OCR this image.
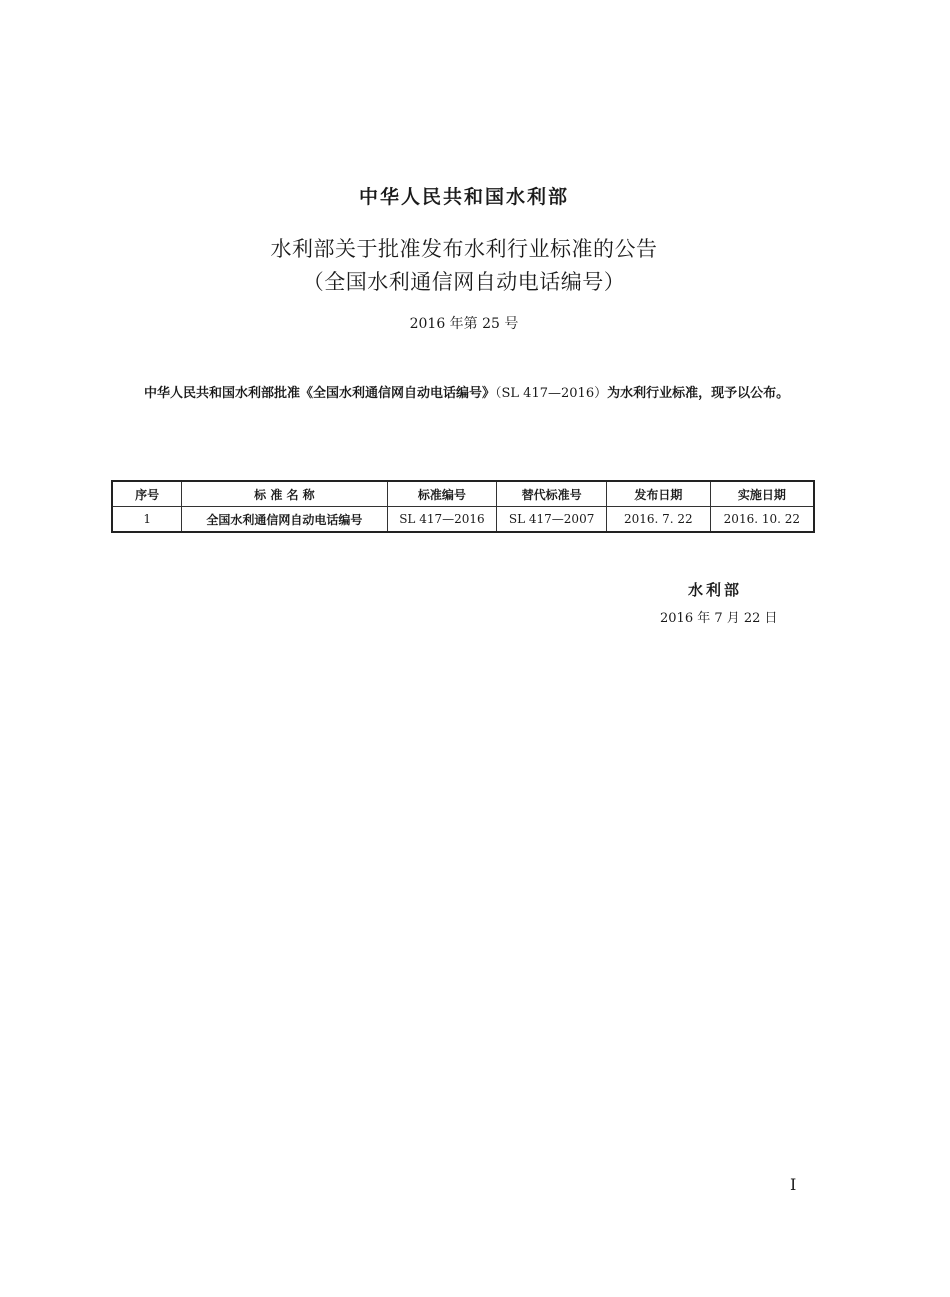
中华人民共和国水利部
水利部关于批准发布水利行业标准的公告
（全国水利通信网自动电话编号）
2016 年第 25 号
中华人民共和国水利部批准《全国水利通信网自动电话编号》（SL 417—2016）为水利行业标准，现予以公布。
序号	标 准 名 称	标准编号	替代标准号	发布日期	实施日期
1	全国水利通信网自动电话编号	SL 417—2016	SL 417—2007	2016. 7. 22	2016. 10. 22
水利部
2016 年 7 月 22 日
I
